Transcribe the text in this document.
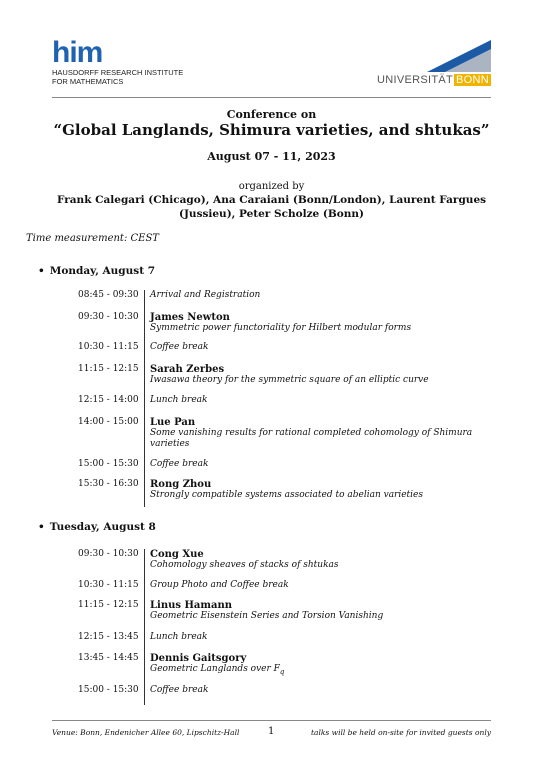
him
HAUSDORFF RESEARCH INSTITUTE
FOR MATHEMATICS	UNIVERSITÄT BONN
Conference on
“Global Langlands, Shimura varieties, and shtukas”
August 07 - 11, 2023
organized by
Frank Calegari (Chicago), Ana Caraiani (Bonn/London), Laurent Fargues (Jussieu), Peter Scholze (Bonn)
Time measurement: CEST
• Monday, August 7
08:45 - 09:30	Arrival and Registration
09:30 - 10:30	James Newton
Symmetric power functoriality for Hilbert modular forms
10:30 - 11:15	Coffee break
11:15 - 12:15	Sarah Zerbes
Iwasawa theory for the symmetric square of an elliptic curve
12:15 - 14:00	Lunch break
14:00 - 15:00	Lue Pan
Some vanishing results for rational completed cohomology of Shimura varieties
15:00 - 15:30	Coffee break
15:30 - 16:30	Rong Zhou
Strongly compatible systems associated to abelian varieties
• Tuesday, August 8
09:30 - 10:30	Cong Xue
Cohomology sheaves of stacks of shtukas
10:30 - 11:15	Group Photo and Coffee break
11:15 - 12:15	Linus Hamann
Geometric Eisenstein Series and Torsion Vanishing
12:15 - 13:45	Lunch break
13:45 - 14:45	Dennis Gaitsgory
Geometric Langlands over $F_q$
15:00 - 15:30	Coffee break
Venue: Bonn, Endenicher Allee 60, Lipschitz-Hall	1	talks will be held on-site for invited guests only
